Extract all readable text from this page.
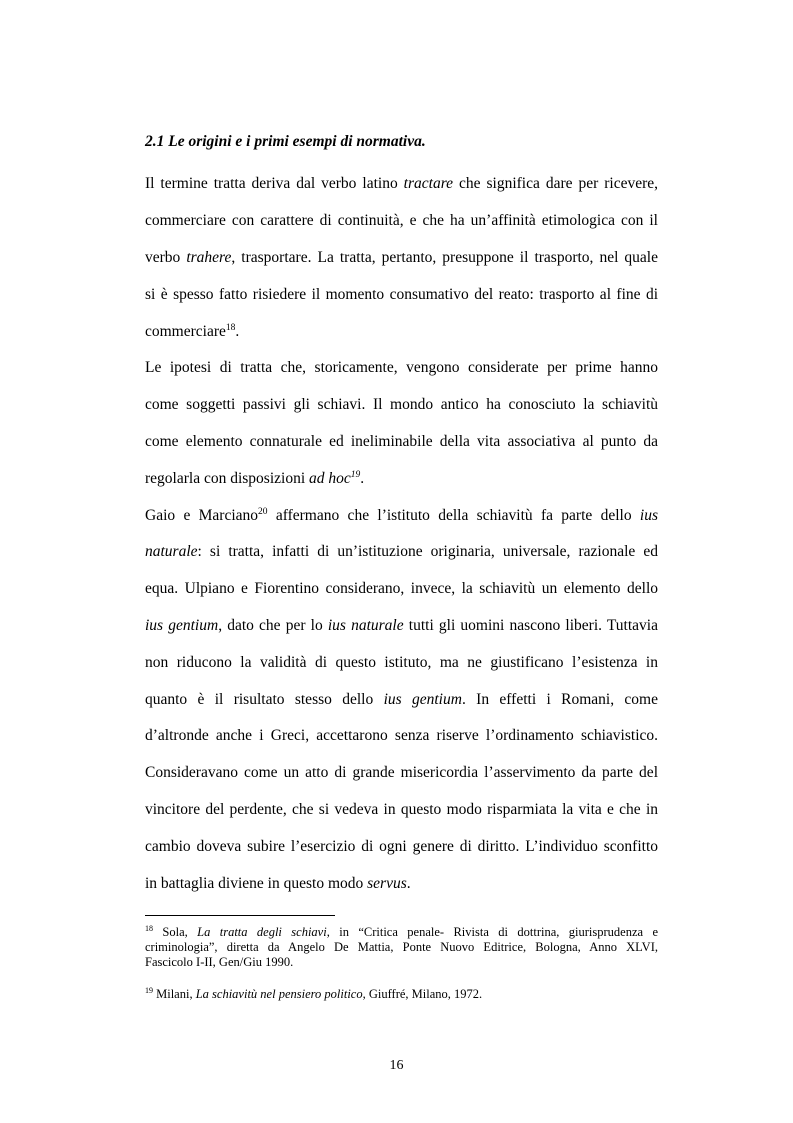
2.1 Le origini e i primi esempi di normativa.
Il termine tratta deriva dal verbo latino tractare che significa dare per ricevere,
commerciare con carattere di continuità, e che ha un’affinità etimologica con il
verbo trahere, trasportare. La tratta, pertanto, presuppone il trasporto, nel quale
si è spesso fatto risiedere il momento consumativo del reato: trasporto al fine di
commerciare$^{18}$.
Le ipotesi di tratta che, storicamente, vengono considerate per prime hanno
come soggetti passivi gli schiavi. Il mondo antico ha conosciuto la schiavitù
come elemento connaturale ed ineliminabile della vita associativa al punto da
regolarla con disposizioni ad hoc$^{19}$.
Gaio e Marciano$^{20}$ affermano che l’istituto della schiavitù fa parte dello ius
naturale: si tratta, infatti di un’istituzione originaria, universale, razionale ed
equa. Ulpiano e Fiorentino considerano, invece, la schiavitù un elemento dello
ius gentium, dato che per lo ius naturale tutti gli uomini nascono liberi. Tuttavia
non riducono la validità di questo istituto, ma ne giustificano l’esistenza in
quanto è il risultato stesso dello ius gentium. In effetti i Romani, come
d’altronde anche i Greci, accettarono senza riserve l’ordinamento schiavistico.
Consideravano come un atto di grande misericordia l’asservimento da parte del
vincitore del perdente, che si vedeva in questo modo risparmiata la vita e che in
cambio doveva subire l’esercizio di ogni genere di diritto. L’individuo sconfitto
in battaglia diviene in questo modo servus.
$^{18}$ Sola, La tratta degli schiavi, in “Critica penale- Rivista di dottrina, giurisprudenza e
criminologia”, diretta da Angelo De Mattia, Ponte Nuovo Editrice, Bologna, Anno XLVI,
Fascicolo I-II, Gen/Giu 1990.
$^{19}$ Milani, La schiavitù nel pensiero politico, Giuffré, Milano, 1972.
16
